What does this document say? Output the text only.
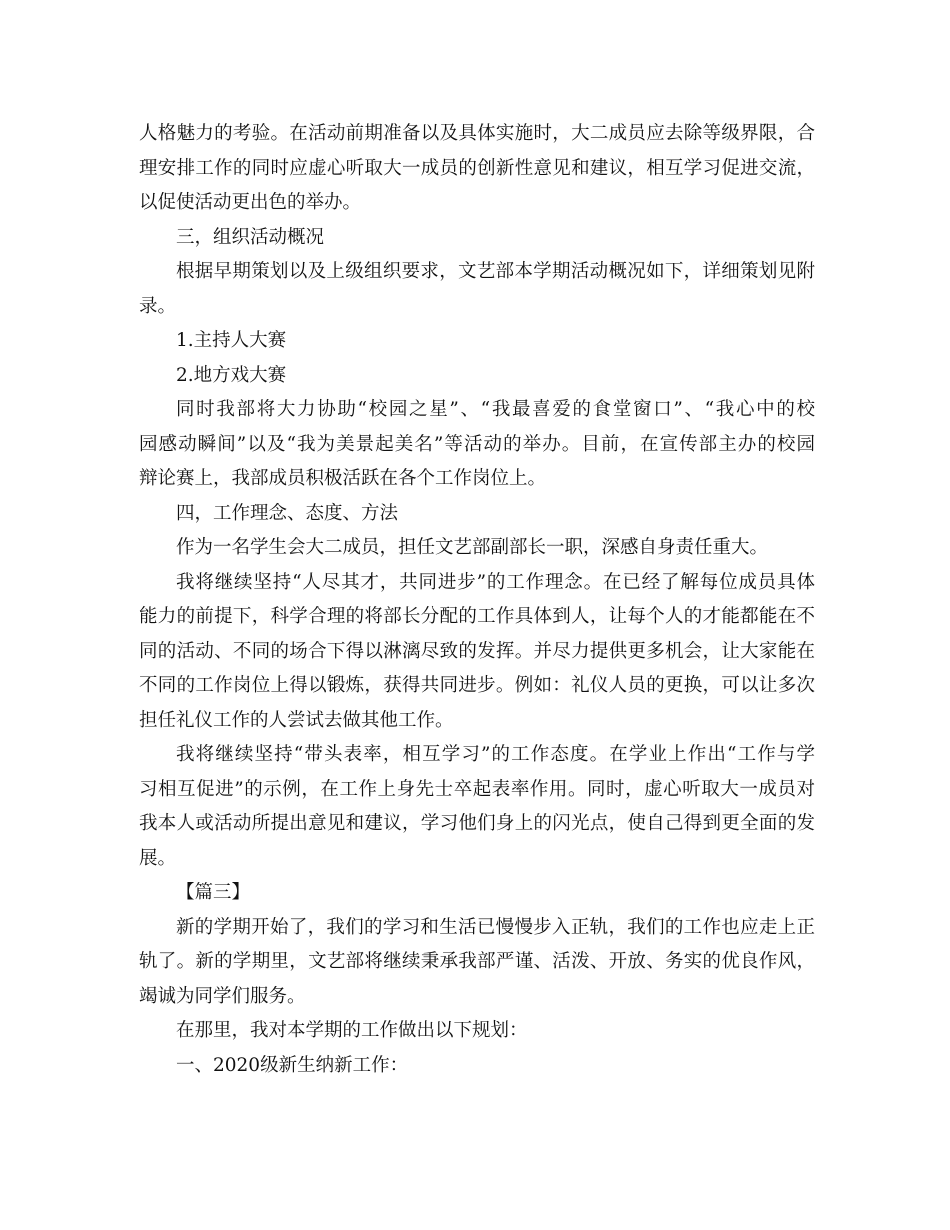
人格魅力的考验。在活动前期准备以及具体实施时，大二成员应去除等级界限，合
理安排工作的同时应虚心听取大一成员的创新性意见和建议，相互学习促进交流，
以促使活动更出色的举办。
三，组织活动概况
根据早期策划以及上级组织要求，文艺部本学期活动概况如下，详细策划见附
录。
1.主持人大赛
2.地方戏大赛
同时我部将大力协助“校园之星”、“我最喜爱的食堂窗口”、“我心中的校
园感动瞬间”以及“我为美景起美名”等活动的举办。目前，在宣传部主办的校园
辩论赛上，我部成员积极活跃在各个工作岗位上。
四，工作理念、态度、方法
作为一名学生会大二成员，担任文艺部副部长一职，深感自身责任重大。
我将继续坚持“人尽其才，共同进步”的工作理念。在已经了解每位成员具体
能力的前提下，科学合理的将部长分配的工作具体到人，让每个人的才能都能在不
同的活动、不同的场合下得以淋漓尽致的发挥。并尽力提供更多机会，让大家能在
不同的工作岗位上得以锻炼，获得共同进步。例如：礼仪人员的更换，可以让多次
担任礼仪工作的人尝试去做其他工作。
我将继续坚持“带头表率，相互学习”的工作态度。在学业上作出“工作与学
习相互促进”的示例，在工作上身先士卒起表率作用。同时，虚心听取大一成员对
我本人或活动所提出意见和建议，学习他们身上的闪光点，使自己得到更全面的发
展。
【篇三】
新的学期开始了，我们的学习和生活已慢慢步入正轨，我们的工作也应走上正
轨了。新的学期里，文艺部将继续秉承我部严谨、活泼、开放、务实的优良作风，
竭诚为同学们服务。
在那里，我对本学期的工作做出以下规划：
一、2020级新生纳新工作：
